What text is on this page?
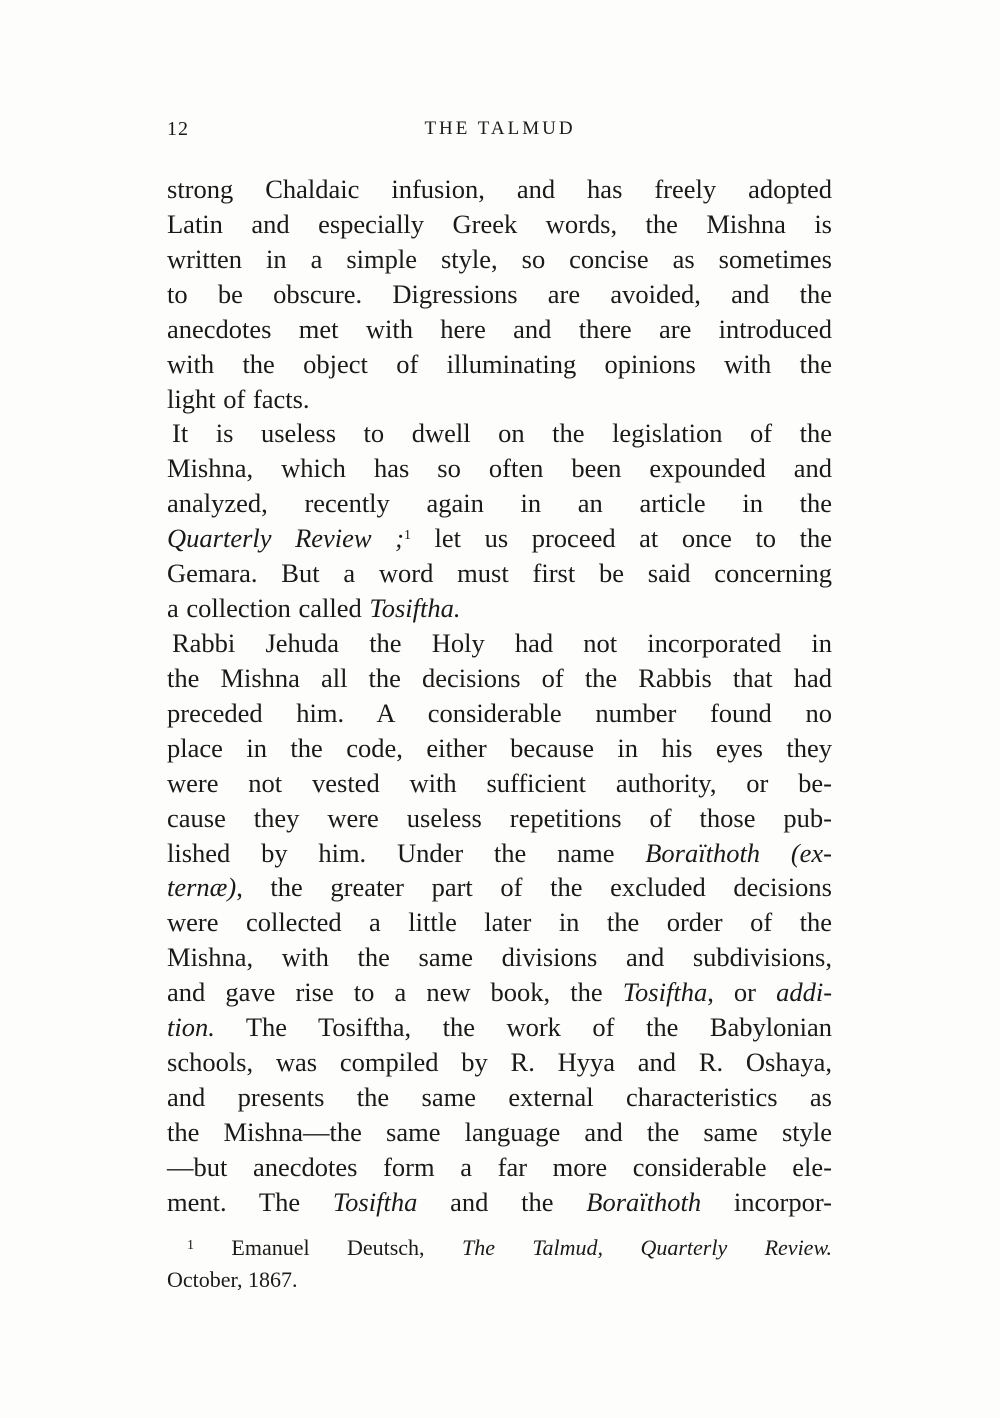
12	THE TALMUD
strong Chaldaic infusion, and has freely adopted
Latin and especially Greek words, the Mishna is
written in a simple style, so concise as sometimes
to be obscure. Digressions are avoided, and the
anecdotes met with here and there are introduced
with the object of illuminating opinions with the
light of facts.
It is useless to dwell on the legislation of the
Mishna, which has so often been expounded and
analyzed, recently again in an article in the
Quarterly Review ;$^1$ let us proceed at once to the
Gemara. But a word must first be said concerning
a collection called Tosiftha.
Rabbi Jehuda the Holy had not incorporated in
the Mishna all the decisions of the Rabbis that had
preceded him. A considerable number found no
place in the code, either because in his eyes they
were not vested with sufficient authority, or be-
cause they were useless repetitions of those pub-
lished by him. Under the name Boraïthoth (ex-
ternæ), the greater part of the excluded decisions
were collected a little later in the order of the
Mishna, with the same divisions and subdivisions,
and gave rise to a new book, the Tosiftha, or addi-
tion. The Tosiftha, the work of the Babylonian
schools, was compiled by R. Hyya and R. Oshaya,
and presents the same external characteristics as
the Mishna—the same language and the same style
—but anecdotes form a far more considerable ele-
ment. The Tosiftha and the Boraïthoth incorpor-
$^1$ Emanuel Deutsch, The Talmud, Quarterly Review.
October, 1867.
